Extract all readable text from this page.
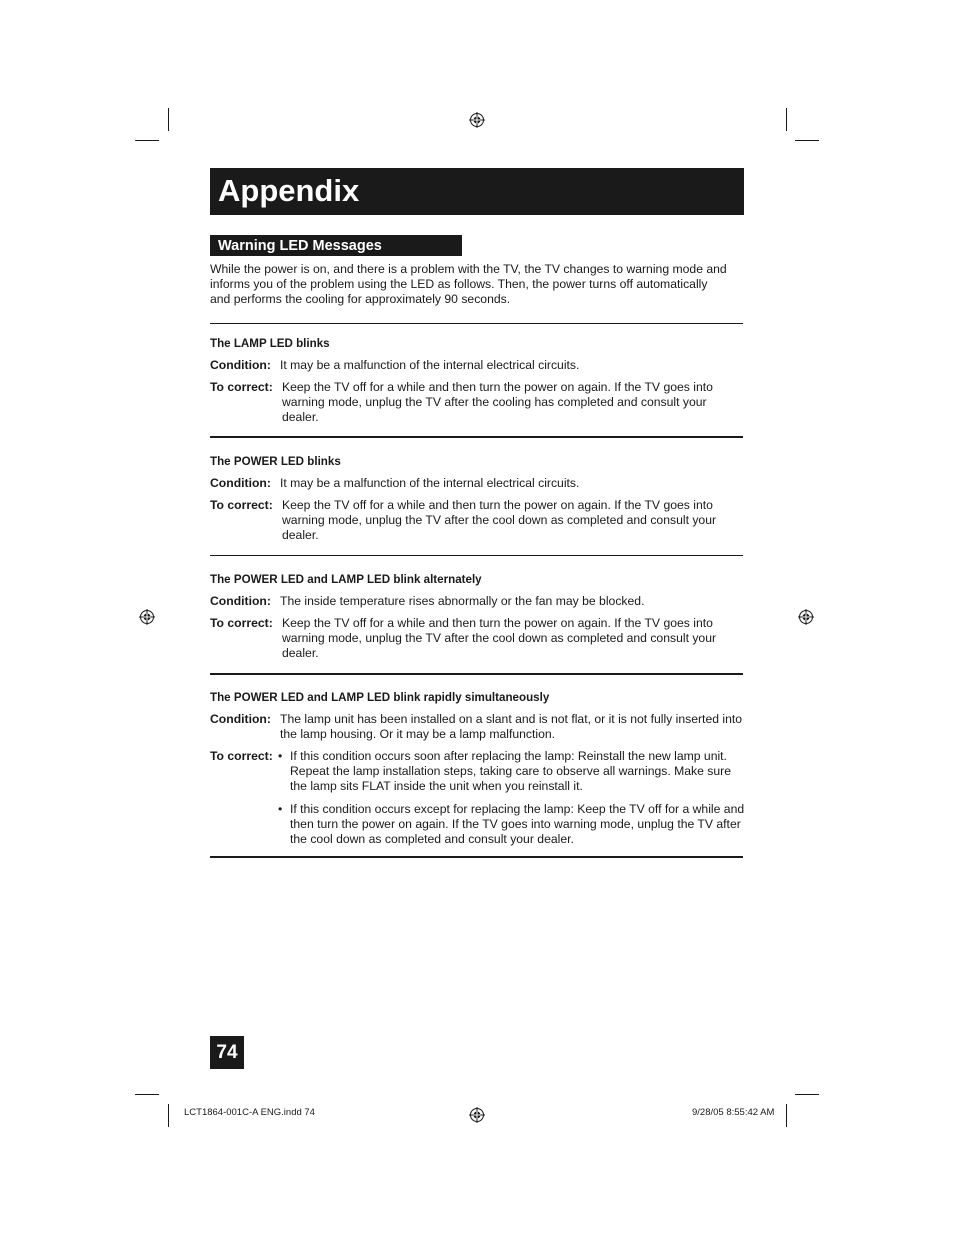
Appendix
Warning LED Messages
While the power is on, and there is a problem with the TV, the TV changes to warning mode and informs you of the problem using the LED as follows. Then, the power turns off automatically and performs the cooling for approximately 90 seconds.
The LAMP LED blinks
Condition: It may be a malfunction of the internal electrical circuits.
To correct: Keep the TV off for a while and then turn the power on again. If the TV goes into warning mode, unplug the TV after the cooling has completed and consult your dealer.
The POWER LED blinks
Condition: It may be a malfunction of the internal electrical circuits.
To correct: Keep the TV off for a while and then turn the power on again. If the TV goes into warning mode, unplug the TV after the cool down as completed and consult your dealer.
The POWER LED and LAMP LED blink alternately
Condition: The inside temperature rises abnormally or the fan may be blocked.
To correct: Keep the TV off for a while and then turn the power on again. If the TV goes into warning mode, unplug the TV after the cool down as completed and consult your dealer.
The POWER LED and LAMP LED blink rapidly simultaneously
Condition: The lamp unit has been installed on a slant and is not flat, or it is not fully inserted into the lamp housing. Or it may be a lamp malfunction.
To correct: • If this condition occurs soon after replacing the lamp: Reinstall the new lamp unit. Repeat the lamp installation steps, taking care to observe all warnings. Make sure the lamp sits FLAT inside the unit when you reinstall it.
• If this condition occurs except for replacing the lamp: Keep the TV off for a while and then turn the power on again. If the TV goes into warning mode, unplug the TV after the cool down as completed and consult your dealer.
74
LCT1864-001C-A ENG.indd 74	9/28/05 8:55:42 AM
